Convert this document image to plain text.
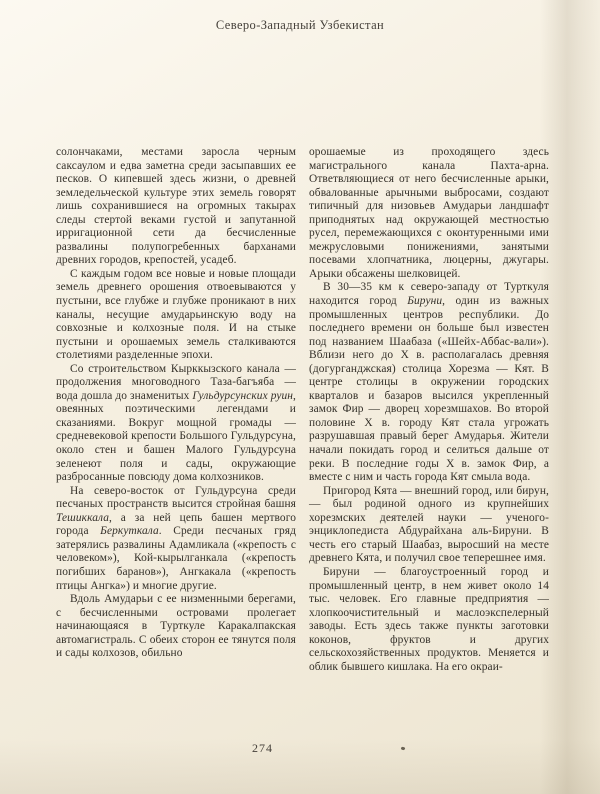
Северо-Западный Узбекистан

солончаками, местами заросла черным саксаулом и едва заметна среди засыпавших ее песков. О кипевшей здесь жизни, о древней земледельческой культуре этих земель говорят лишь сохранившиеся на огромных такырах следы стертой веками густой и запутанной ирригационной сети да бесчисленные развалины полупогребенных барханами древних городов, крепостей, усадеб.

С каждым годом все новые и новые площади земель древнего орошения отвоевываются у пустыни, все глубже и глубже проникают в них каналы, несущие амударьинскую воду на совхозные и колхозные поля. И на стыке пустыни и орошаемых земель сталкиваются столетиями разделенные эпохи.

Со строительством Кырккызского канала — продолжения многоводного Таза-багъяба — вода дошла до знаменитых Гульдурсунских руин, овеянных поэтическими легендами и сказаниями. Вокруг мощной громады — средневековой крепости Большого Гульдурсуна, около стен и башен Малого Гульдурсуна зеленеют поля и сады, окружающие разбросанные повсюду дома колхозников.

На северо-восток от Гульдурсуна среди песчаных пространств высится стройная башня Тешиккала, а за ней цепь башен мертвого города Беркуткала. Среди песчаных гряд затерялись развалины Адамликала («крепость с человеком»), Кой-кырылганкала («крепость погибших баранов»), Ангкакала («крепость птицы Ангка») и многие другие.

Вдоль Амударьи с ее низменными берегами, с бесчисленными островами пролегает начинающаяся в Турткуле Каракалпакская автомагистраль. С обеих сторон ее тянутся поля и сады колхозов, обильно

орошаемые из проходящего здесь магистрального канала Пахта-арна. Ответвляющиеся от него бесчисленные арыки, обвалованные арычными выбросами, создают типичный для низовьев Амударьи ландшафт приподнятых над окружающей местностью русел, перемежающихся с оконтуренными ими межрусловыми понижениями, занятыми посевами хлопчатника, люцерны, джугары. Арыки обсажены шелковицей.

В 30—35 км к северо-западу от Турткуля находится город Бируни, один из важных промышленных центров республики. До последнего времени он больше был известен под названием Шаабаза («Шейх-Аббас-вали»). Вблизи него до X в. располагалась древняя (догурганджская) столица Хорезма — Кят. В центре столицы в окружении городских кварталов и базаров высился укрепленный замок Фир — дворец хорезмшахов. Во второй половине X в. городу Кят стала угрожать разрушавшая правый берег Амударья. Жители начали покидать город и селиться дальше от реки. В последние годы X в. замок Фир, а вместе с ним и часть города Кят смыла вода.

Пригород Кята — внешний город, или бирун, — был родиной одного из крупнейших хорезмских деятелей науки — ученого-энциклопедиста Абдурайхана аль-Бируни. В честь его старый Шаабаз, выросший на месте древнего Кята, и получил свое теперешнее имя.

Бируни — благоустроенный город и промышленный центр, в нем живет около 14 тыс. человек. Его главные предприятия — хлопкоочистительный и маслоэкспелерный заводы. Есть здесь также пункты заготовки коконов, фруктов и других сельскохозяйственных продуктов. Меняется и облик бывшего кишлака. На его окраи-

274
